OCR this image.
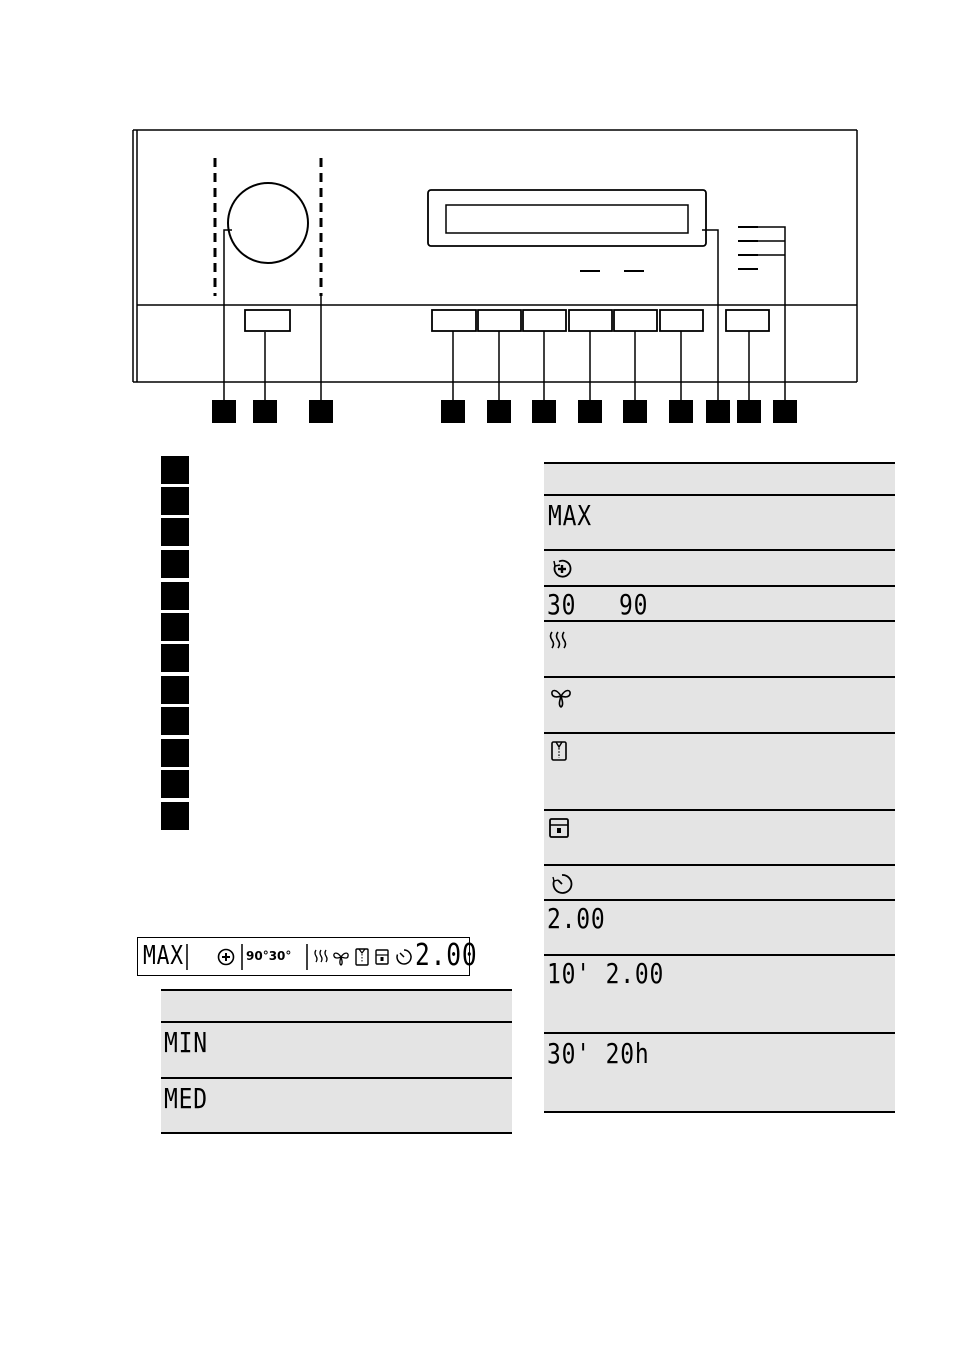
MAX	90°30°	2.00
MIN
MED
MAX
30 90
2.00
10' 2.00
30' 20h
